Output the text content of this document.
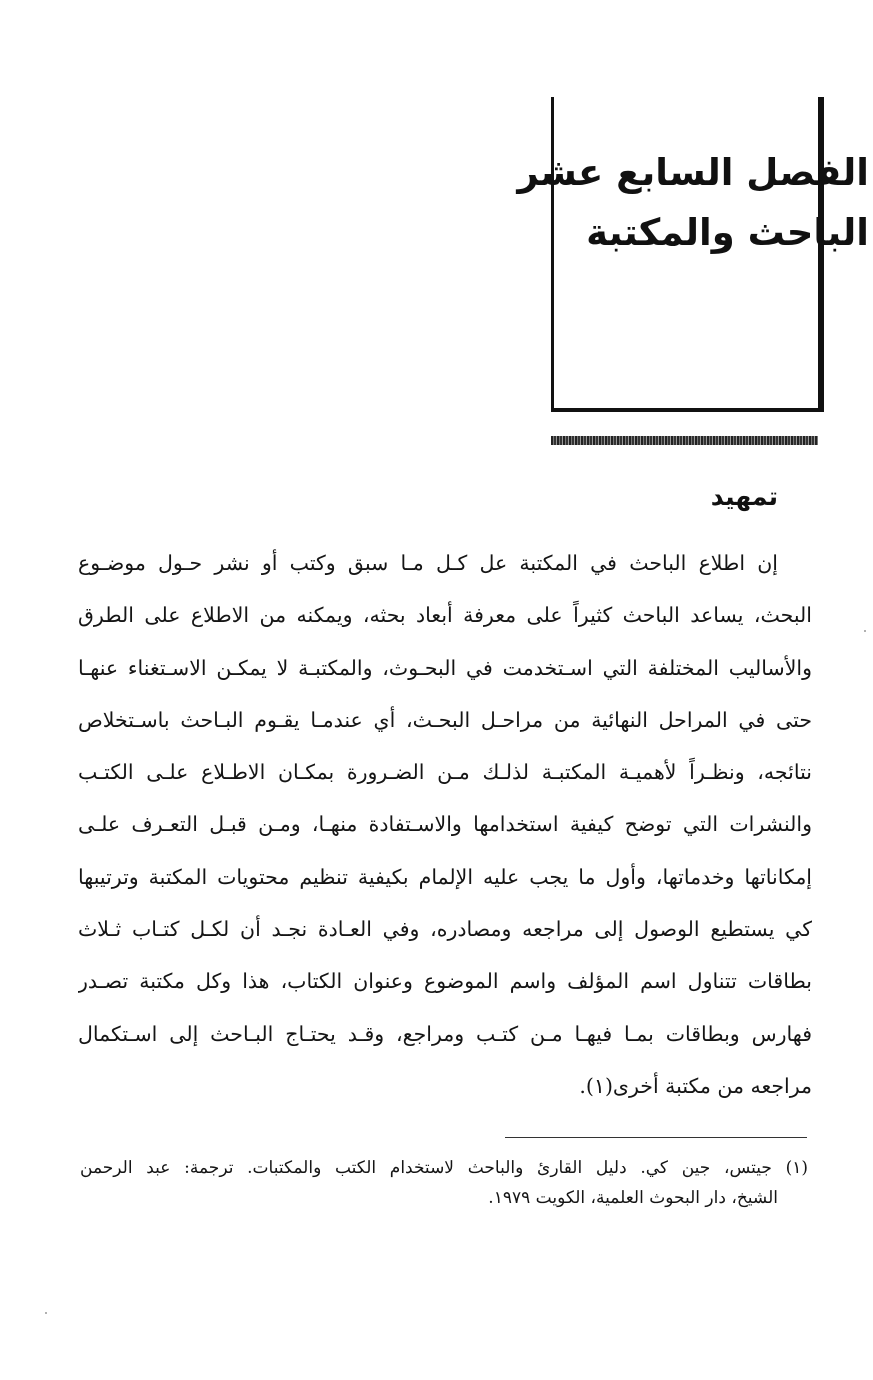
الفصل السابع عشر
الباحث والمكتبة
تمهيد
إن اطلاع الباحث في المكتبة عل كـل مـا سبق وكتب أو نشر حـول موضـوع
البحث، يساعد الباحث كثيراً على معرفة أبعاد بحثه، ويمكنه من الاطلاع على الطرق
والأساليب المختلفة التي اسـتخدمت في البحـوث، والمكتبـة لا يمكـن الاسـتغناء عنهـا
حتى في المراحل النهائية من مراحـل البحـث، أي عندمـا يقـوم البـاحث باسـتخلاص
نتائجه، ونظـراً لأهميـة المكتبـة لذلـك مـن الضـرورة بمكـان الاطـلاع علـى الكتـب
والنشرات التي توضح كيفية استخدامها والاسـتفادة منهـا، ومـن قبـل التعـرف علـى
إمكاناتها وخدماتها، وأول ما يجب عليه الإلمام بكيفية تنظيم محتويات المكتبة وترتيبها
كي يستطيع الوصول إلى مراجعه ومصادره، وفي العـادة نجـد أن لكـل كتـاب ثـلاث
بطاقات تتناول اسم المؤلف واسم الموضوع وعنوان الكتاب، هذا وكل مكتبة تصـدر
فهارس وبطاقات بمـا فيهـا مـن كتـب ومراجع، وقـد يحتـاج البـاحث إلى اسـتكمال
مراجعه من مكتبة أخرى(١).
(١) جيتس، جين كي. دليل القارئ والباحث لاستخدام الكتب والمكتبات. ترجمة: عبد الرحمن
الشيخ، دار البحوث العلمية، الكويت ١٩٧٩.
